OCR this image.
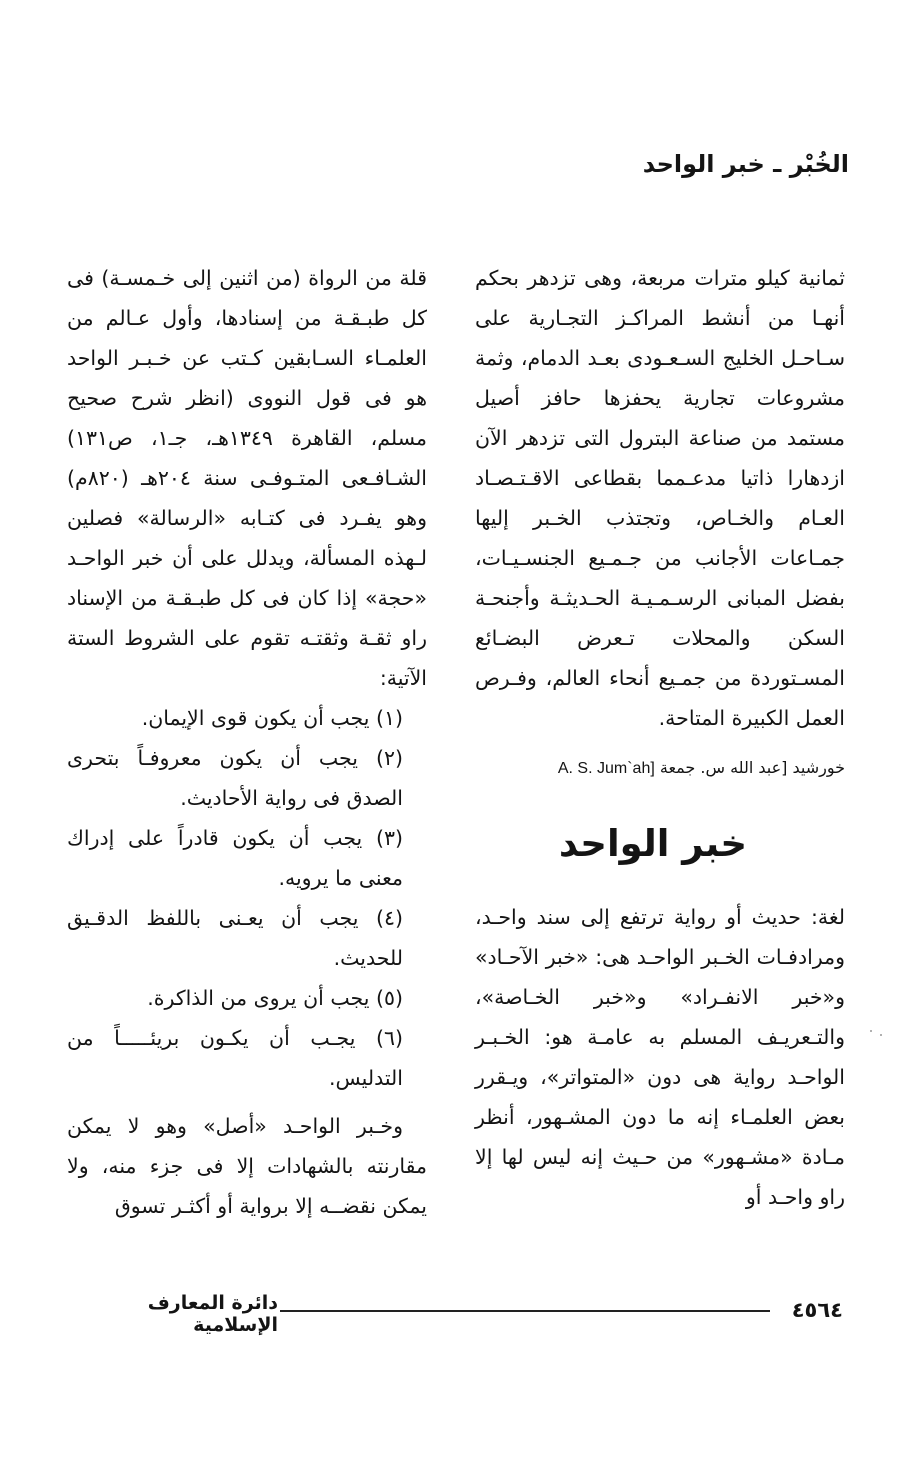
الخُبْر ـ خبر الواحد

ثمانية كيلو مترات مربعة، وهى تزدهر بحكم أنهـا من أنشط المراكـز التجـارية على سـاحـل الخليج السـعـودى بعـد الدمام، وثمة مشروعات تجارية يحفزها حافز أصيل مستمد من صناعة البترول التى تزدهر الآن ازدهارا ذاتيا مدعـمما بقطاعى الاقـتـصـاد العـام والخـاص، وتجتذب الخـبر إليها جمـاعات الأجانب من جـمـيع الجنسـيـات، بفضل المبانى الرسـمـيـة الحـديثـة وأجنحـة السكن والمحلات تـعرض البضـائع المسـتوردة من جمـيع أنحاء العالم، وفـرص العمل الكبيرة المتاحة.

خورشيد [عبد الله س. جمعة A. S. Jum`ah]
خبر الواحد

لغة: حديث أو رواية ترتفع إلى سند واحـد، ومرادفـات الخـبر الواحـد هى: «خبر الآحـاد» و«خبر الانفـراد» و«خبر الخـاصة»، والتـعريـف المسلم به عامـة هو: الخـبـر الواحـد رواية هى دون «المتواتر»، ويـقرر بعض العلمـاء إنه ما دون المشـهور، أنظر مـادة «مشـهور» من حـيث إنه ليس لها إلا راو واحـد أو

قلة من الرواة (من اثنين إلى خـمسـة) فى كل طبـقـة من إسنادها، وأول عـالم من العلمـاء السـابقين كـتب عن خـبـر الواحد هو فى قول النووى (انظر شرح صحيح مسلم، القاهرة ١٣٤٩هـ، جـ١، ص١٣١) الشـافـعى المتـوفـى سنة ٢٠٤هـ (٨٢٠م) وهو يفـرد فى كتـابه «الرسالة» فصلين لـهذه المسألة، ويدلل على أن خبر الواحـد «حجة» إذا كان فى كل طبـقـة من الإسناد راو ثقـة وثقتـه تقوم على الشروط الستة الآتية:

(١) يجب أن يكون قوى الإيمان.

(٢) يجب أن يكون معروفـاً بتحرى الصدق فى رواية الأحاديث.

(٣) يجب أن يكون قادراً على إدراك معنى ما يرويه.

(٤) يجب أن يعـنى باللفظ الدقـيق للحديث.

(٥) يجب أن يروى من الذاكرة.

(٦) يجـب أن يكـون بريئـــــاً من التدليس.

وخـبر الواحـد «أصل» وهو لا يمكن مقارنته بالشهادات إلا فى جزء منه، ولا يمكن نقضــه إلا برواية أو أكثـر تسوق

دائرة المعارف الإسلامية
٤٥٦٤
